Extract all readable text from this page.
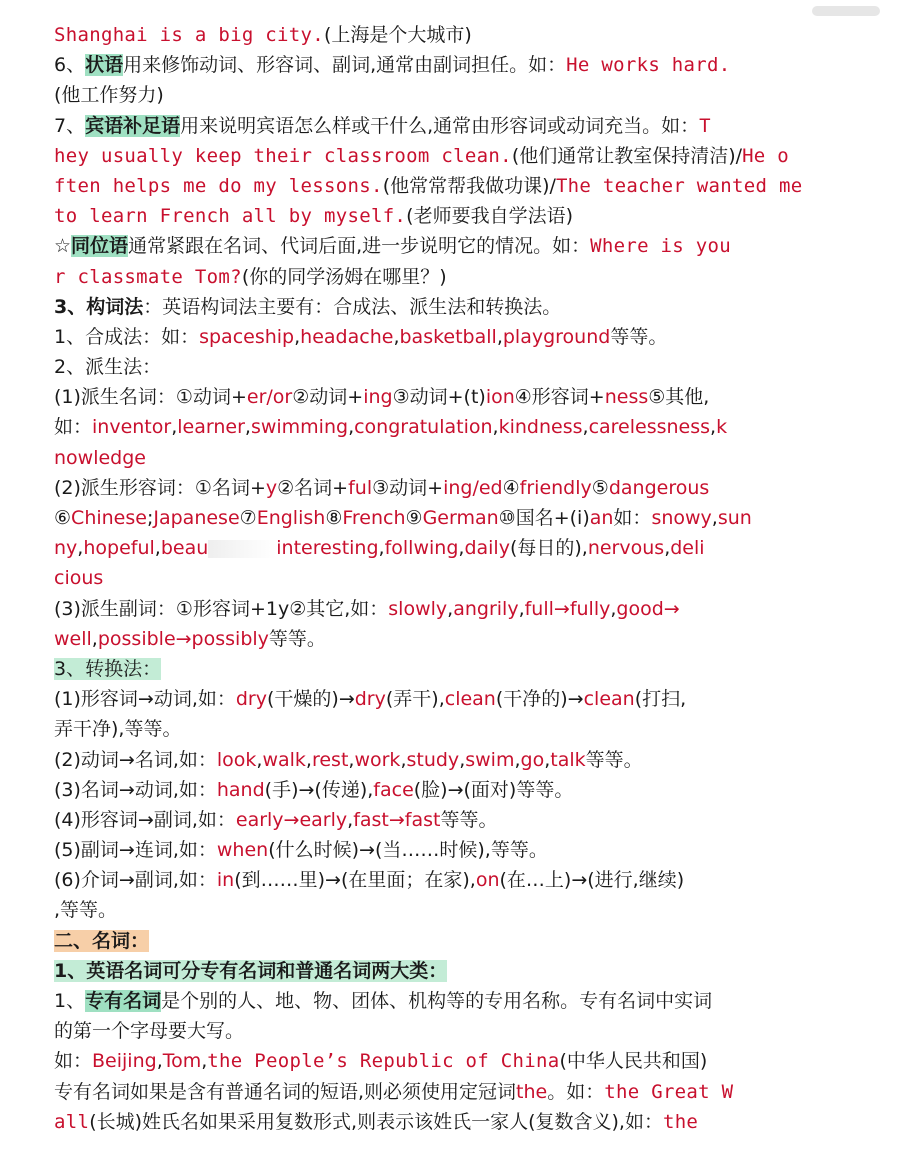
Shanghai is a big city.(上海是个大城市)
6、状语用来修饰动词、形容词、副词,通常由副词担任。如：He works hard.
(他工作努力)
7、宾语补足语用来说明宾语怎么样或干什么,通常由形容词或动词充当。如：T
hey usually keep their classroom clean.(他们通常让教室保持清洁)/He o
ften helps me do my lessons.(他常常帮我做功课)/The teacher wanted me
to learn French all by myself.(老师要我自学法语)
☆同位语通常紧跟在名词、代词后面,进一步说明它的情况。如：Where is you
r classmate Tom?(你的同学汤姆在哪里？)
3、构词法：英语构词法主要有：合成法、派生法和转换法。
1、合成法：如：spaceship,headache,basketball,playground等等。
2、派生法：
(1)派生名词：①动词+er/or②动词+ing③动词+(t)ion④形容词+ness⑤其他,
如：inventor,learner,swimming,congratulation,kindness,carelessness,k
nowledge
(2)派生形容词：①名词+y②名词+ful③动词+ing/ed④friendly⑤dangerous
⑥Chinese;Japanese⑦English⑧French⑨German⑩国名+(i)an如：snowy,sun
ny,hopeful,beau	interesting,follwing,daily(每日的),nervous,deli
cious
(3)派生副词：①形容词+1y②其它,如：slowly,angrily,full→fully,good→
well,possible→possibly等等。
3、转换法：
(1)形容词→动词,如：dry(干燥的)→dry(弄干),clean(干净的)→clean(打扫,
弄干净),等等。
(2)动词→名词,如：look,walk,rest,work,study,swim,go,talk等等。
(3)名词→动词,如：hand(手)→(传递),face(脸)→(面对)等等。
(4)形容词→副词,如：early→early,fast→fast等等。
(5)副词→连词,如：when(什么时候)→(当……时候),等等。
(6)介词→副词,如：in(到……里)→(在里面；在家),on(在…上)→(进行,继续)
,等等。
二、名词：
1、英语名词可分专有名词和普通名词两大类：
1、专有名词是个别的人、地、物、团体、机构等的专用名称。专有名词中实词
的第一个字母要大写。
如：Beijing,Tom,the People’s Republic of China(中华人民共和国)
专有名词如果是含有普通名词的短语,则必须使用定冠词the。如：the Great W
all(长城)姓氏名如果采用复数形式,则表示该姓氏一家人(复数含义),如：the
